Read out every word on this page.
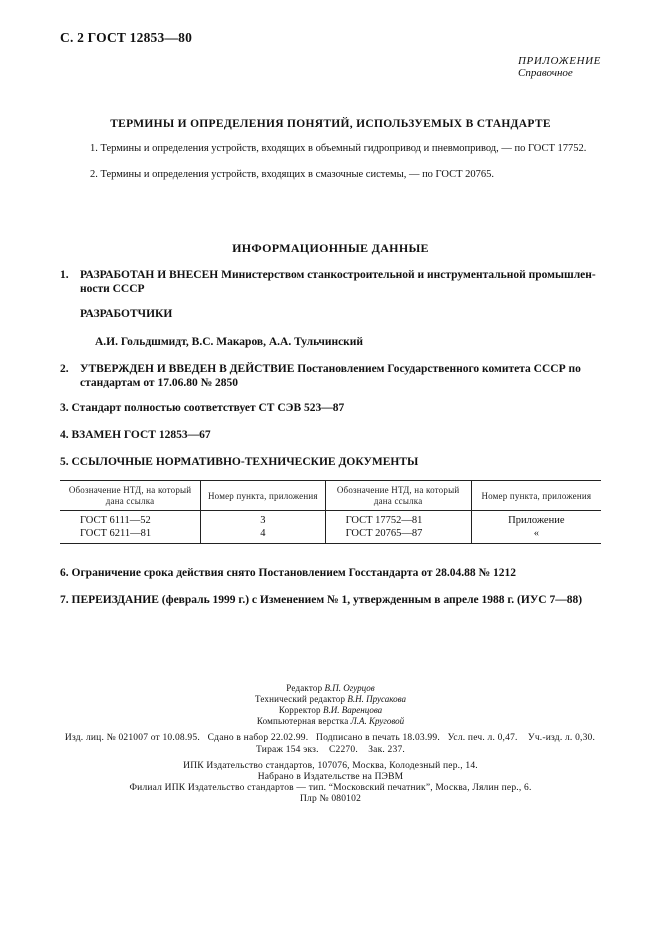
С. 2 ГОСТ 12853—80
ПРИЛОЖЕНИЕ
Справочное
ТЕРМИНЫ И ОПРЕДЕЛЕНИЯ ПОНЯТИЙ, ИСПОЛЬЗУЕМЫХ В СТАНДАРТЕ
1. Термины и определения устройств, входящих в объемный гидропривод и пневмопривод, — по ГОСТ 17752.
2. Термины и определения устройств, входящих в смазочные системы, — по ГОСТ 20765.
ИНФОРМАЦИОННЫЕ ДАННЫЕ
1. РАЗРАБОТАН И ВНЕСЕН Министерством станкостроительной и инструментальной промышлен-
ности СССР
РАЗРАБОТЧИКИ
А.И. Гольдшмидт, В.С. Макаров, А.А. Тульчинский
2. УТВЕРЖДЕН И ВВЕДЕН В ДЕЙСТВИЕ Постановлением Государственного комитета СССР по
стандартам от 17.06.80 № 2850
3. Стандарт полностью соответствует СТ СЭВ 523—87
4. ВЗАМЕН ГОСТ 12853—67
5. ССЫЛОЧНЫЕ НОРМАТИВНО-ТЕХНИЧЕСКИЕ ДОКУМЕНТЫ
Обозначение НТД, на который дана ссылка	Номер пункта, приложения	Обозначение НТД, на который дана ссылка	Номер пункта, приложения
ГОСТ 6111—52	3	ГОСТ 17752—81	Приложение
ГОСТ 6211—81	4	ГОСТ 20765—87	«
6. Ограничение срока действия снято Постановлением Госстандарта от 28.04.88 № 1212
7. ПЕРЕИЗДАНИЕ (февраль 1999 г.) с Изменением № 1, утвержденным в апреле 1988 г. (ИУС 7—88)
Редактор В.П. Огурцов
Технический редактор В.Н. Прусакова
Корректор В.И. Варенцова
Компьютерная верстка Л.А. Круговой
Изд. лиц. № 021007 от 10.08.95.   Сдано в набор 22.02.99.   Подписано в печать 18.03.99.   Усл. печ. л. 0,47.    Уч.-изд. л. 0,30.
Тираж 154 экз.    С2270.    Зак. 237.
ИПК Издательство стандартов, 107076, Москва, Колодезный пер., 14.
Набрано в Издательстве на ПЭВМ
Филиал ИПК Издательство стандартов — тип. “Московский печатник”, Москва, Лялин пер., 6.
Плр № 080102
